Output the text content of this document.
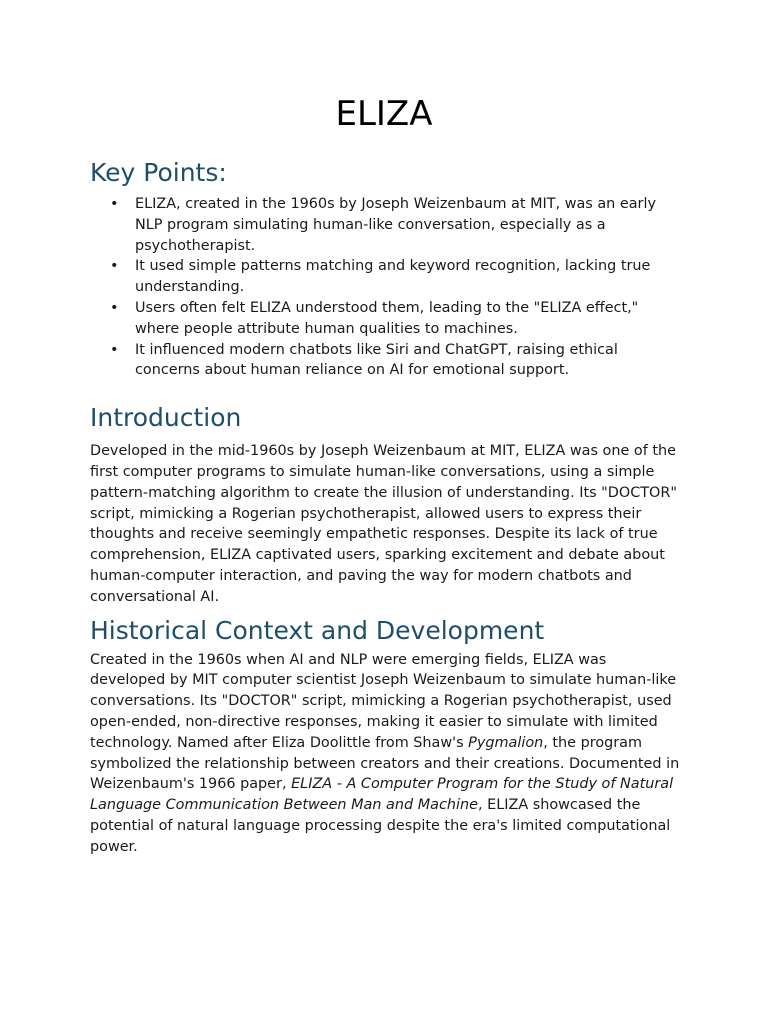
ELIZA
Key Points:
• ELIZA, created in the 1960s by Joseph Weizenbaum at MIT, was an early NLP program simulating human-like conversation, especially as a psychotherapist.
• It used simple patterns matching and keyword recognition, lacking true understanding.
• Users often felt ELIZA understood them, leading to the "ELIZA effect," where people attribute human qualities to machines.
• It influenced modern chatbots like Siri and ChatGPT, raising ethical concerns about human reliance on AI for emotional support.
Introduction

Developed in the mid-1960s by Joseph Weizenbaum at MIT, ELIZA was one of the first computer programs to simulate human-like conversations, using a simple pattern-matching algorithm to create the illusion of understanding. Its "DOCTOR" script, mimicking a Rogerian psychotherapist, allowed users to express their thoughts and receive seemingly empathetic responses. Despite its lack of true comprehension, ELIZA captivated users, sparking excitement and debate about human-computer interaction, and paving the way for modern chatbots and conversational AI.

Historical Context and Development

Created in the 1960s when AI and NLP were emerging fields, ELIZA was developed by MIT computer scientist Joseph Weizenbaum to simulate human-like conversations. Its "DOCTOR" script, mimicking a Rogerian psychotherapist, used open-ended, non-directive responses, making it easier to simulate with limited technology. Named after Eliza Doolittle from Shaw's Pygmalion, the program symbolized the relationship between creators and their creations. Documented in Weizenbaum's 1966 paper, ELIZA - A Computer Program for the Study of Natural Language Communication Between Man and Machine, ELIZA showcased the potential of natural language processing despite the era's limited computational power.
